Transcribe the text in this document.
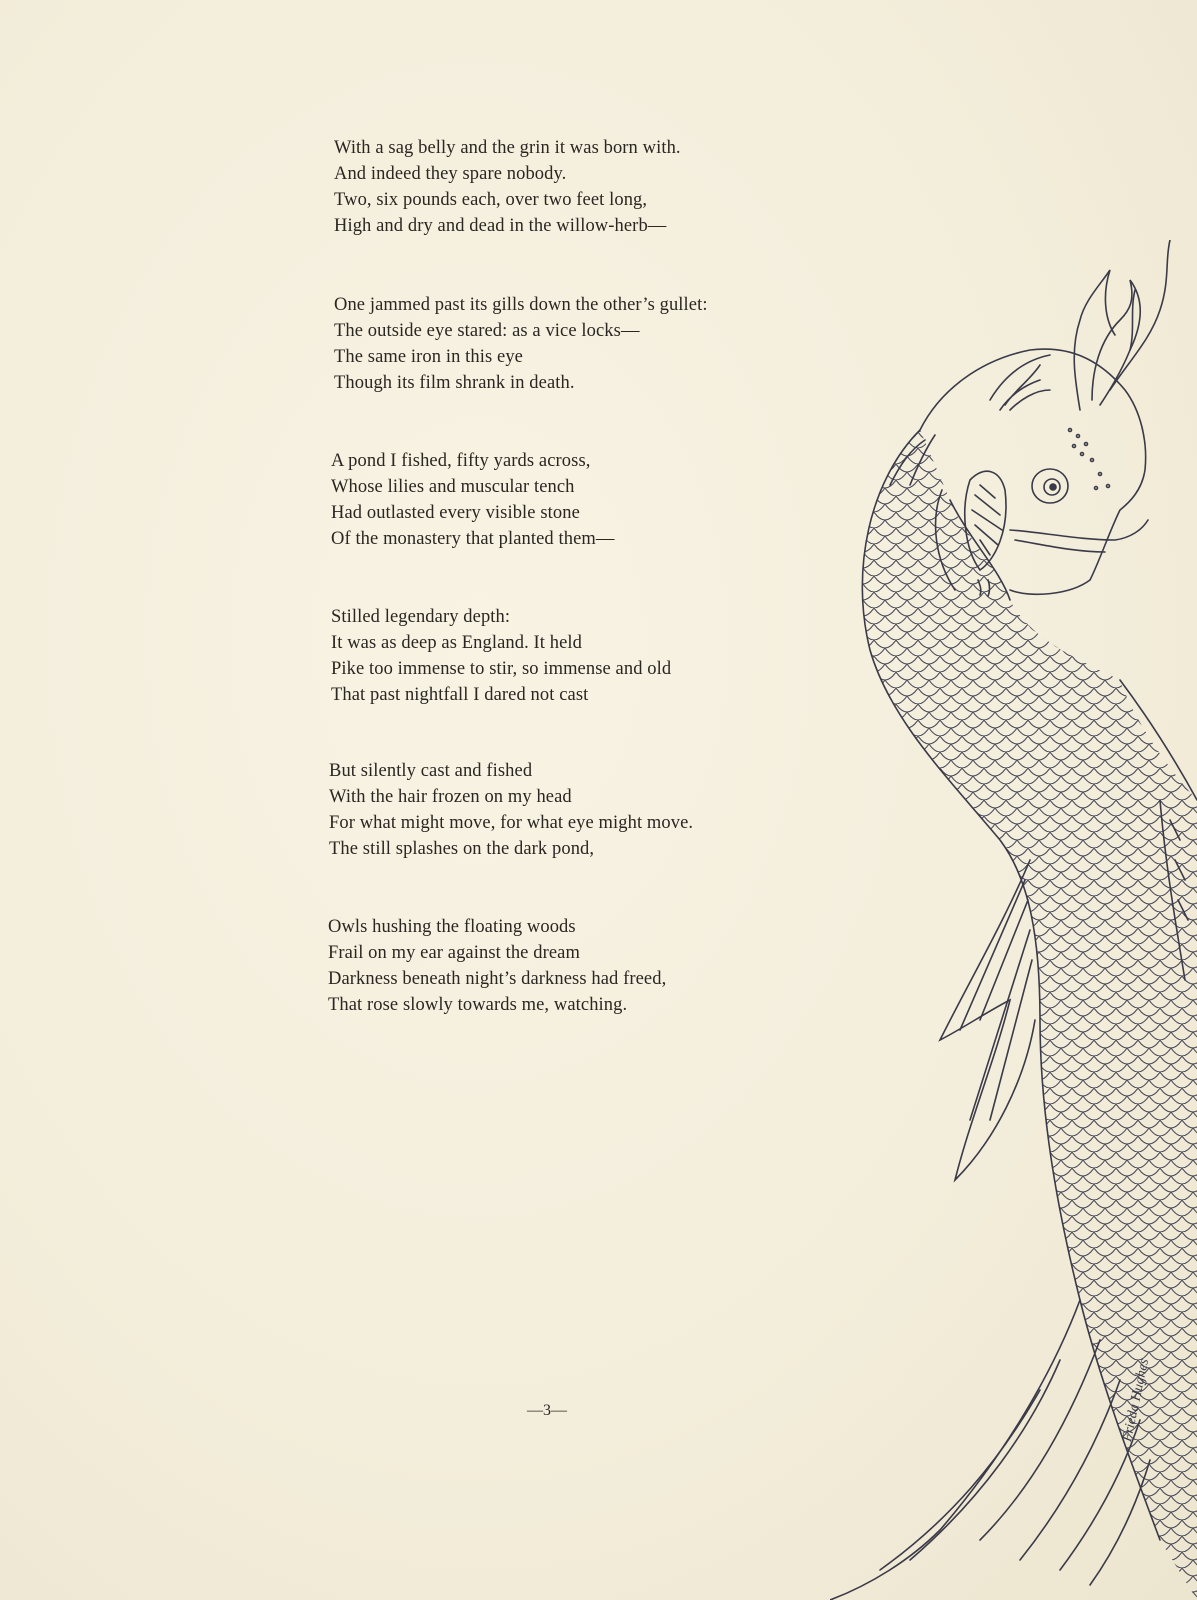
With a sag belly and the grin it was born with.
And indeed they spare nobody.
Two, six pounds each, over two feet long,
High and dry and dead in the willow-herb—
One jammed past its gills down the other’s gullet:
The outside eye stared: as a vice locks—
The same iron in this eye
Though its film shrank in death.
A pond I fished, fifty yards across,
Whose lilies and muscular tench
Had outlasted every visible stone
Of the monastery that planted them—
Stilled legendary depth:
It was as deep as England. It held
Pike too immense to stir, so immense and old
That past nightfall I dared not cast
But silently cast and fished
With the hair frozen on my head
For what might move, for what eye might move.
The still splashes on the dark pond,
Owls hushing the floating woods
Frail on my ear against the dream
Darkness beneath night’s darkness had freed,
That rose slowly towards me, watching.
—3—	Frieda Hughes
